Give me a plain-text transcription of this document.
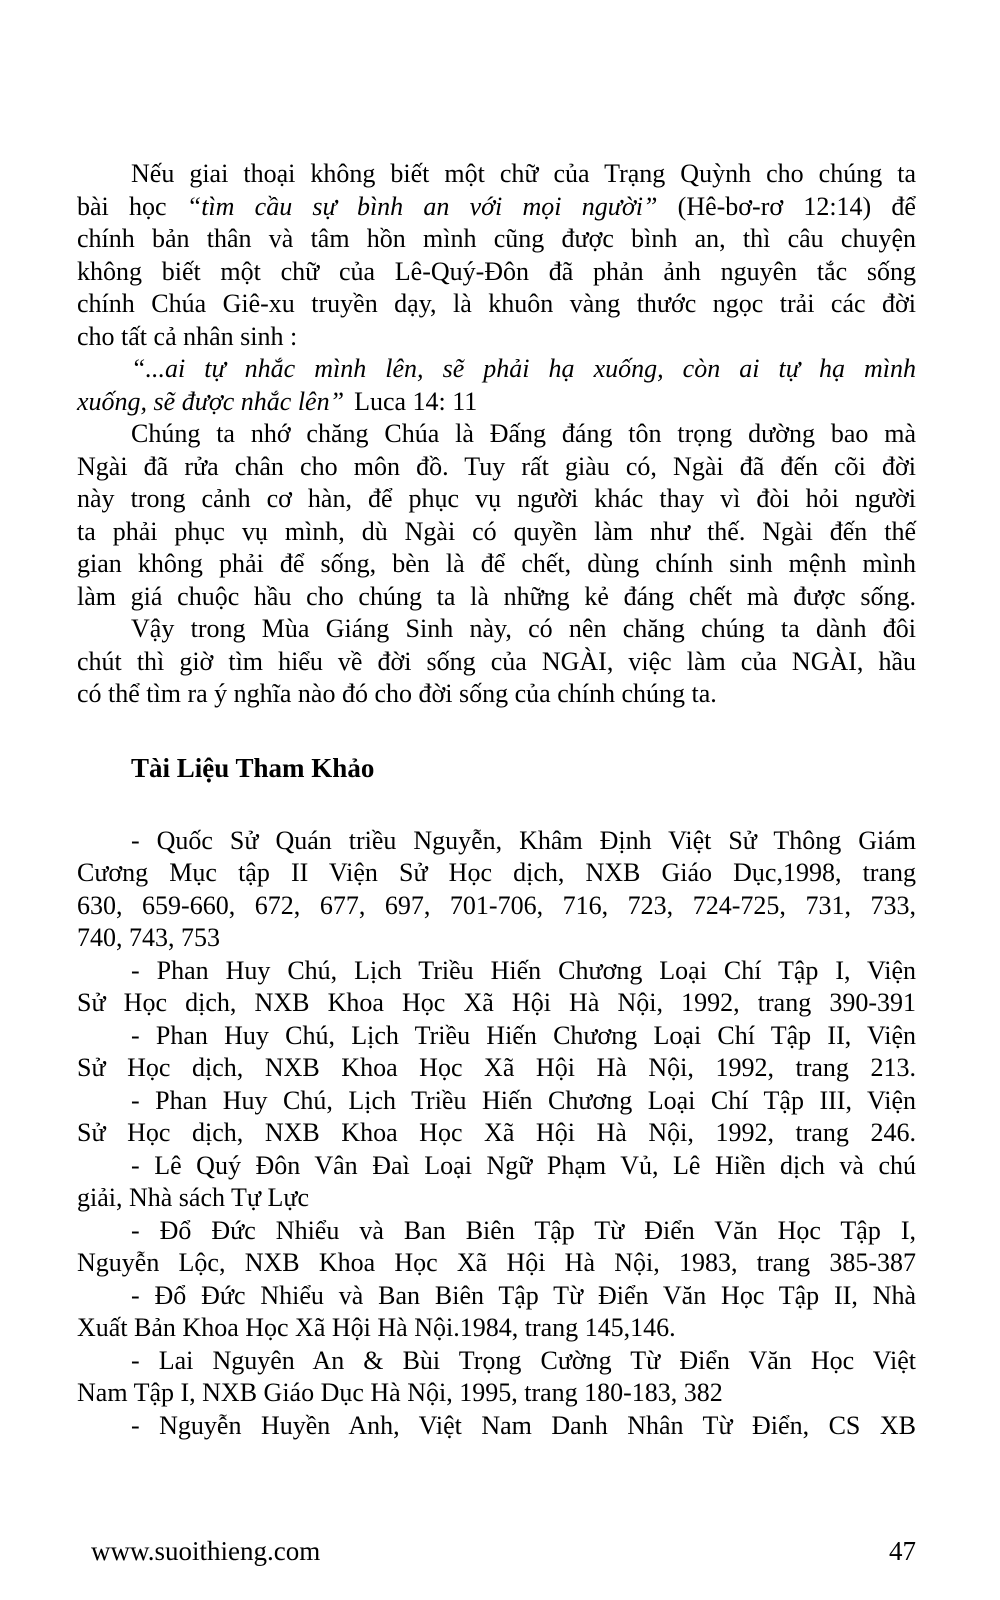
Nếu giai thoại không biết một chữ của Trạng Quỳnh cho chúng ta
bài học “tìm cầu sự bình an với mọi người” (Hê-bơ-rơ 12:14) để
chính bản thân và tâm hồn mình cũng được bình an, thì câu chuyện
không biết một chữ của Lê-Quý-Đôn đã phản ảnh nguyên tắc sống
chính Chúa Giê-xu truyền dạy, là khuôn vàng thước ngọc trải các đời
cho tất cả nhân sinh :
“...ai tự nhắc mình lên, sẽ phải hạ xuống, còn ai tự hạ mình
xuống, sẽ được nhắc lên” Luca 14: 11
Chúng ta nhớ chăng Chúa là Đấng đáng tôn trọng dường bao mà
Ngài đã rửa chân cho môn đồ. Tuy rất giàu có, Ngài đã đến cõi đời
này trong cảnh cơ hàn, để phục vụ người khác thay vì đòi hỏi người
ta phải phục vụ mình, dù Ngài có quyền làm như thế. Ngài đến thế
gian không phải để sống, bèn là để chết, dùng chính sinh mệnh mình
làm giá chuộc hầu cho chúng ta là những kẻ đáng chết mà được sống.
Vậy trong Mùa Giáng Sinh này, có nên chăng chúng ta dành đôi
chút thì giờ tìm hiểu về đời sống của NGÀI, việc làm của NGÀI, hầu
có thể tìm ra ý nghĩa nào đó cho đời sống của chính chúng ta.
Tài Liệu Tham Khảo
- Quốc Sử Quán triều Nguyễn, Khâm Định Việt Sử Thông Giám
Cương Mục tập II Viện Sử Học dịch, NXB Giáo Dục,1998, trang
630, 659-660, 672, 677, 697, 701-706, 716, 723, 724-725, 731, 733,
740, 743, 753
- Phan Huy Chú, Lịch Triều Hiến Chương Loại Chí Tập I, Viện
Sử Học dịch, NXB Khoa Học Xã Hội Hà Nội, 1992, trang 390-391
- Phan Huy Chú, Lịch Triều Hiến Chương Loại Chí Tập II, Viện
Sử Học dịch, NXB Khoa Học Xã Hội Hà Nội, 1992, trang 213.
- Phan Huy Chú, Lịch Triều Hiến Chương Loại Chí Tập III, Viện
Sử Học dịch, NXB Khoa Học Xã Hội Hà Nội, 1992, trang 246.
- Lê Quý Đôn Vân Đaì Loại Ngữ Phạm Vủ, Lê Hiền dịch và chú
giải, Nhà sách Tự Lực
- Đổ Đức Nhiểu và Ban Biên Tập Từ Điển Văn Học Tập I,
Nguyễn Lộc, NXB Khoa Học Xã Hội Hà Nội, 1983, trang 385-387
- Đổ Đức Nhiểu và Ban Biên Tập Từ Điển Văn Học Tập II, Nhà
Xuất Bản Khoa Học Xã Hội Hà Nội.1984, trang 145,146.
- Lai Nguyên An & Bùi Trọng Cường Từ Điển Văn Học Việt
Nam Tập I, NXB Giáo Dục Hà Nội, 1995, trang 180-183, 382
- Nguyễn Huyền Anh, Việt Nam Danh Nhân Từ Điển, CS XB
www.suoithieng.com	47
